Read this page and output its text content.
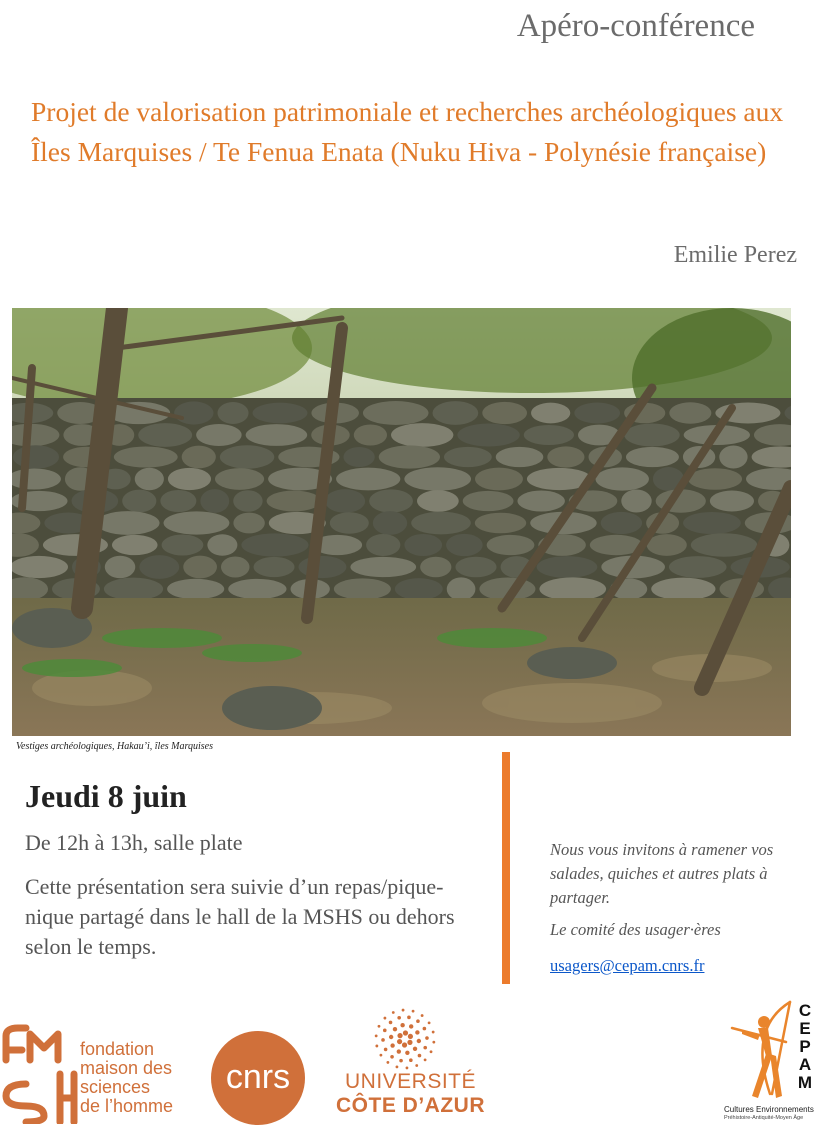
Apéro-conférence
Projet de valorisation patrimoniale et recherches archéologiques aux Îles Marquises / Te Fenua Enata (Nuku Hiva - Polynésie française)
Emilie Perez
Vestiges archéologiques, Hakau’i, îles Marquises
Jeudi 8 juin
De 12h à 13h, salle plate
Cette présentation sera suivie d’un repas/pique-nique partagé dans le hall de la MSHS ou dehors selon le temps.
Nous vous invitons à ramener vos salades, quiches et autres plats à partager.
Le comité des usager·ères
usagers@cepam.cnrs.fr
fondation
maison des
sciences
de l’homme
cnrs	UNIVERSITÉ
CÔTE D’AZUR
C
E
P
A
M
Cultures Environnements
Préhistoire-Antiquité-Moyen Âge
